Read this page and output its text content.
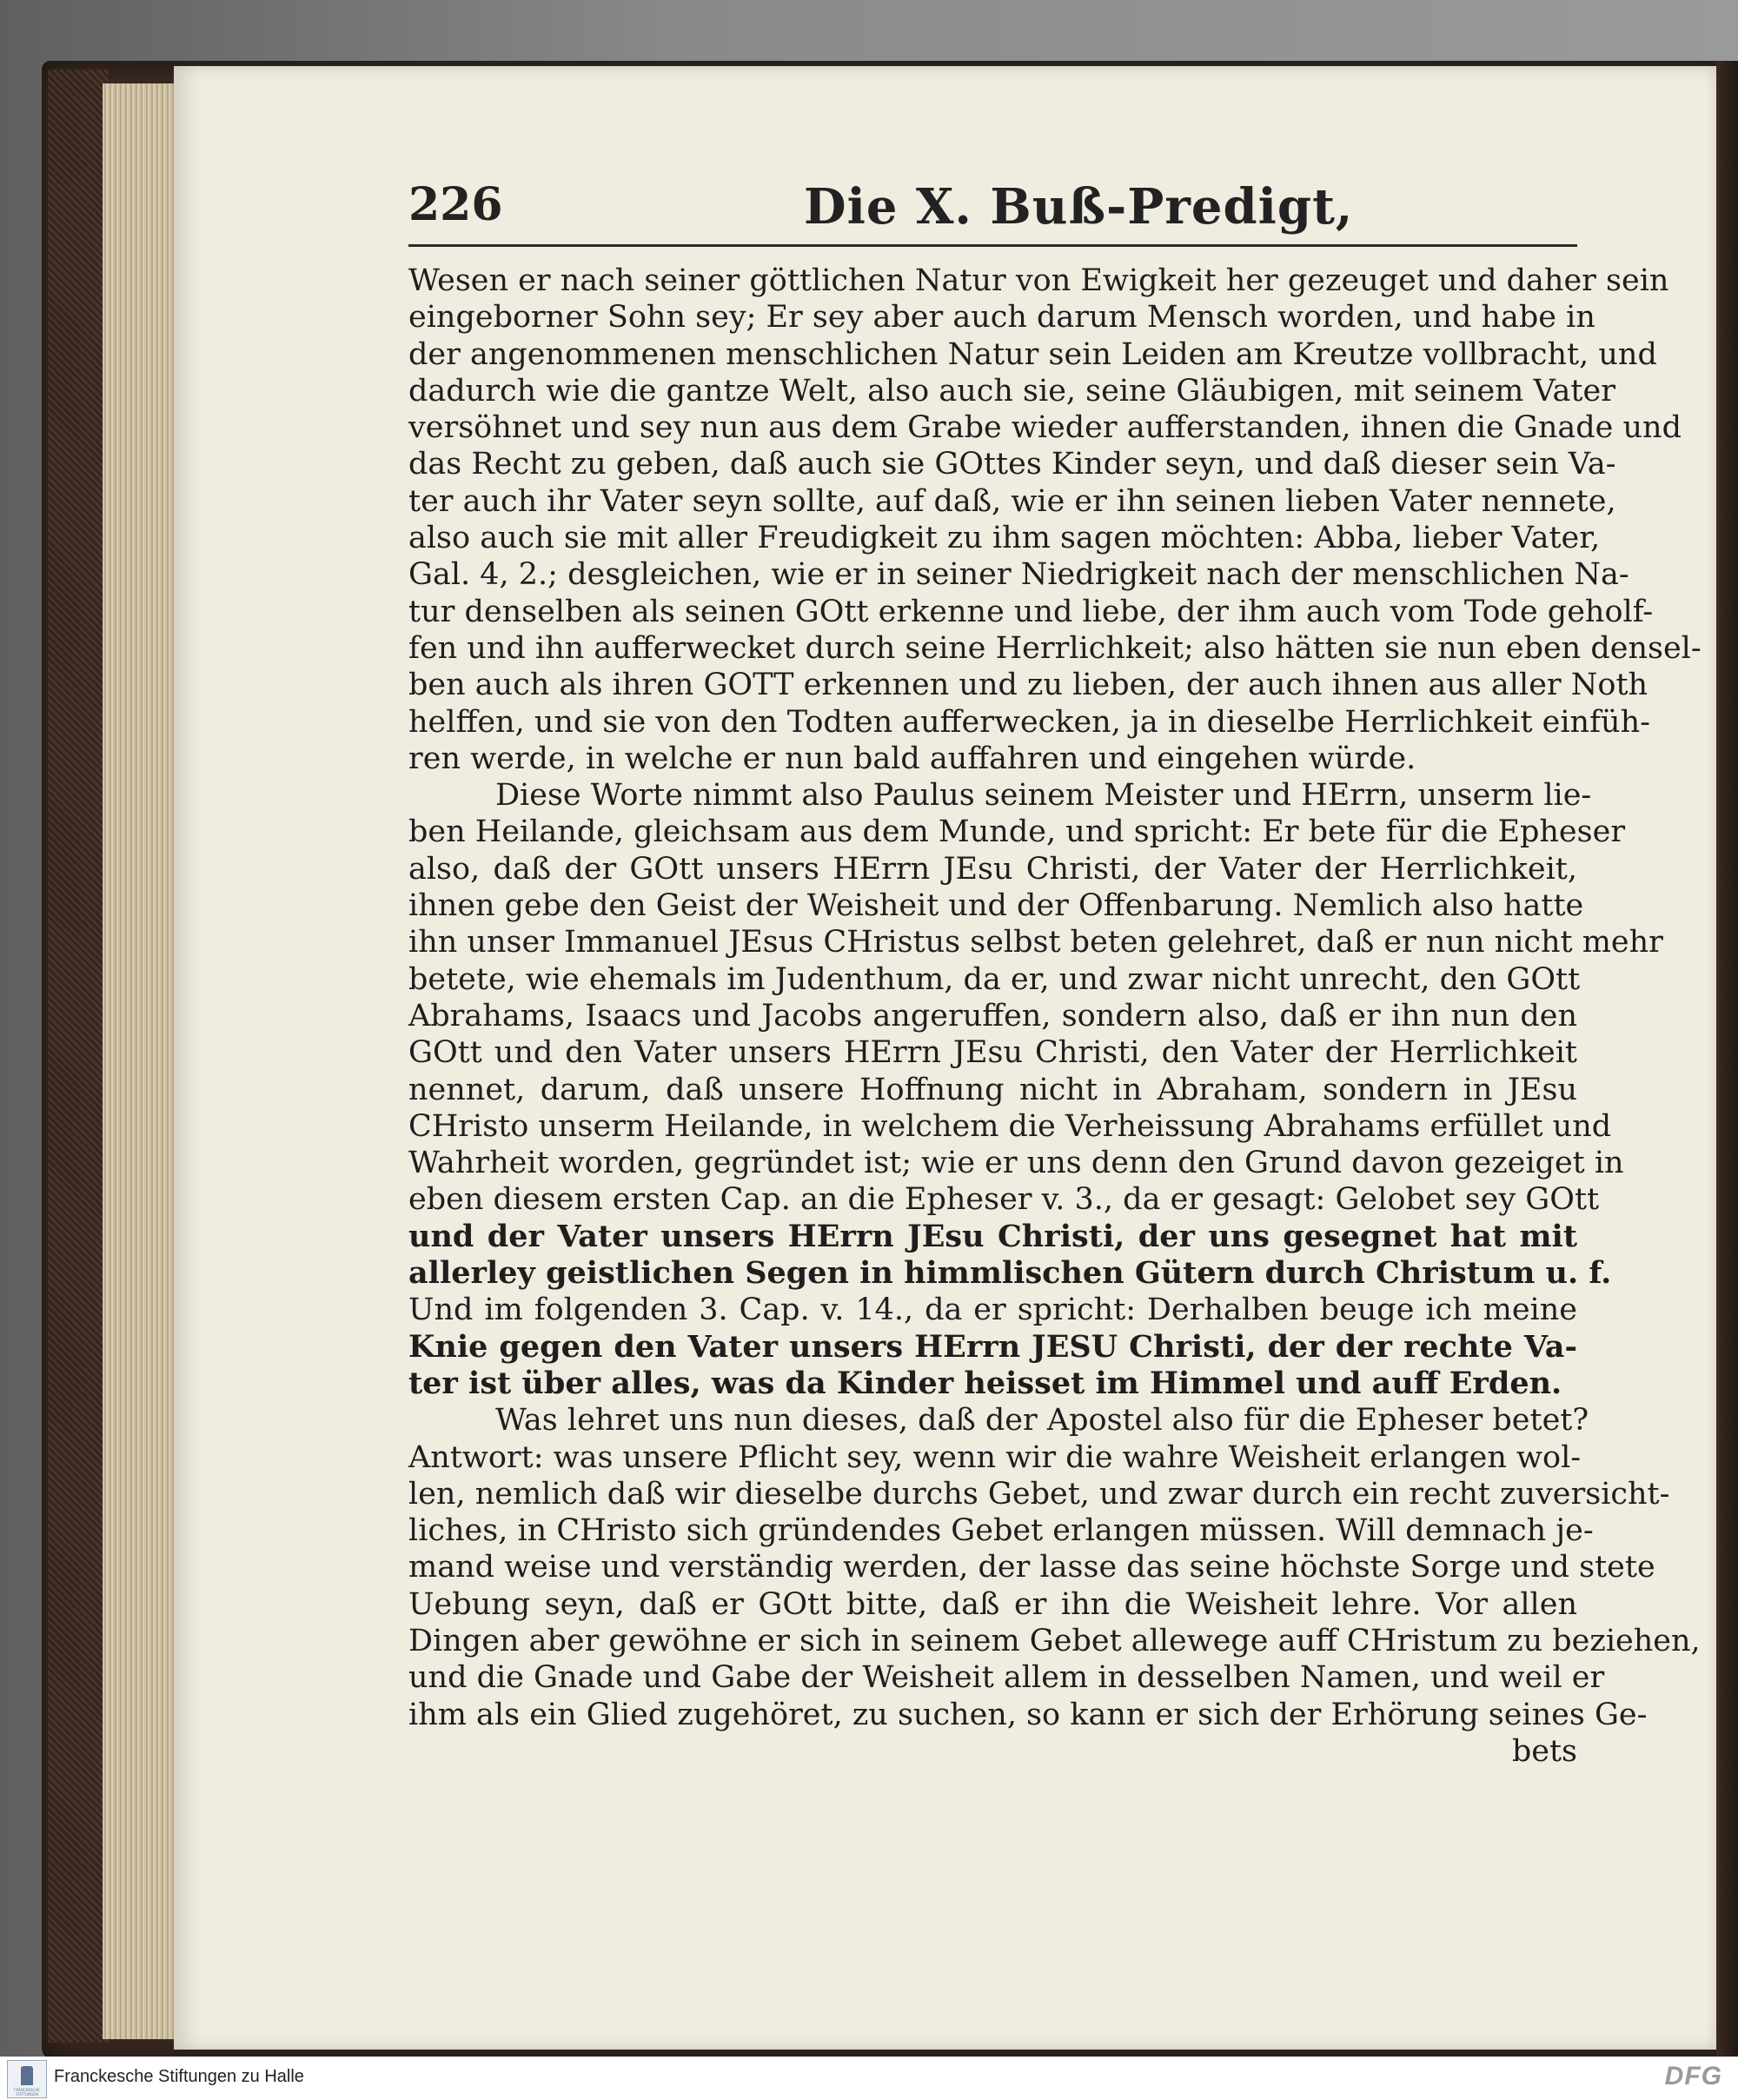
226	Die X. Buß-Predigt,
Wesen er nach seiner göttlichen Natur von Ewigkeit her gezeuget und daher sein
eingeborner Sohn sey; Er sey aber auch darum Mensch worden, und habe in
der angenommenen menschlichen Natur sein Leiden am Kreutze vollbracht, und
dadurch wie die gantze Welt, also auch sie, seine Gläubigen, mit seinem Vater
versöhnet und sey nun aus dem Grabe wieder aufferstanden, ihnen die Gnade und
das Recht zu geben, daß auch sie GOttes Kinder seyn, und daß dieser sein Va-
ter auch ihr Vater seyn sollte, auf daß, wie er ihn seinen lieben Vater nennete,
also auch sie mit aller Freudigkeit zu ihm sagen möchten: Abba, lieber Vater,
Gal. 4, 2.; desgleichen, wie er in seiner Niedrigkeit nach der menschlichen Na-
tur denselben als seinen GOtt erkenne und liebe, der ihm auch vom Tode geholf-
fen und ihn aufferwecket durch seine Herrlichkeit; also hätten sie nun eben densel-
ben auch als ihren GOTT erkennen und zu lieben, der auch ihnen aus aller Noth
helffen, und sie von den Todten aufferwecken, ja in dieselbe Herrlichkeit einfüh-
ren werde, in welche er nun bald auffahren und eingehen würde.
Diese Worte nimmt also Paulus seinem Meister und HErrn, unserm lie-
ben Heilande, gleichsam aus dem Munde, und spricht: Er bete für die Epheser
also, daß der GOtt unsers HErrn JEsu Christi, der Vater der Herrlichkeit,
ihnen gebe den Geist der Weisheit und der Offenbarung. Nemlich also hatte
ihn unser Immanuel JEsus CHristus selbst beten gelehret, daß er nun nicht mehr
betete, wie ehemals im Judenthum, da er, und zwar nicht unrecht, den GOtt
Abrahams, Isaacs und Jacobs angeruffen, sondern also, daß er ihn nun den
GOtt und den Vater unsers HErrn JEsu Christi, den Vater der Herrlichkeit
nennet, darum, daß unsere Hoffnung nicht in Abraham, sondern in JEsu
CHristo unserm Heilande, in welchem die Verheissung Abrahams erfüllet und
Wahrheit worden, gegründet ist; wie er uns denn den Grund davon gezeiget in
eben diesem ersten Cap. an die Epheser v. 3., da er gesagt: Gelobet sey GOtt
und der Vater unsers HErrn JEsu Christi, der uns gesegnet hat mit
allerley geistlichen Segen in himmlischen Gütern durch Christum u. f.
Und im folgenden 3. Cap. v. 14., da er spricht: Derhalben beuge ich meine
Knie gegen den Vater unsers HErrn JESU Christi, der der rechte Va-
ter ist über alles, was da Kinder heisset im Himmel und auff Erden.
Was lehret uns nun dieses, daß der Apostel also für die Epheser betet?
Antwort: was unsere Pflicht sey, wenn wir die wahre Weisheit erlangen wol-
len, nemlich daß wir dieselbe durchs Gebet, und zwar durch ein recht zuversicht-
liches, in CHristo sich gründendes Gebet erlangen müssen. Will demnach je-
mand weise und verständig werden, der lasse das seine höchste Sorge und stete
Uebung seyn, daß er GOtt bitte, daß er ihn die Weisheit lehre. Vor allen
Dingen aber gewöhne er sich in seinem Gebet allewege auff CHristum zu beziehen,
und die Gnade und Gabe der Weisheit allem in desselben Namen, und weil er
ihm als ein Glied zugehöret, zu suchen, so kann er sich der Erhörung seines Ge-
bets
FRANCKESCHE STIFTUNGEN
Franckesche Stiftungen zu Halle	DFG
